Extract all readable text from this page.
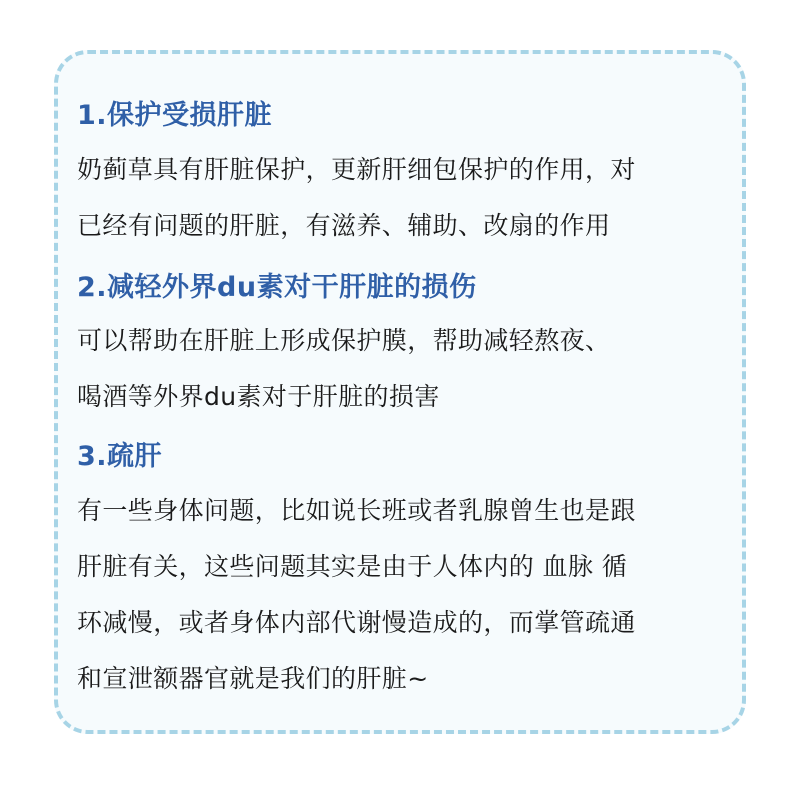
1.保护受损肝脏
奶蓟草具有肝脏保护，更新肝细包保护的作用，对
已经有问题的肝脏，有滋养、辅助、改扇的作用
2.减轻外界du素对干肝脏的损伤
可以帮助在肝脏上形成保护膜，帮助减轻熬夜、
喝酒等外界du素对于肝脏的损害
3.疏肝
有一些身体问题，比如说长班或者乳腺曾生也是跟
肝脏有关，这些问题其实是由于人体内的 血脉 循
环减慢，或者身体内部代谢慢造成的，而掌管疏通
和宣泄额器官就是我们的肝脏~
